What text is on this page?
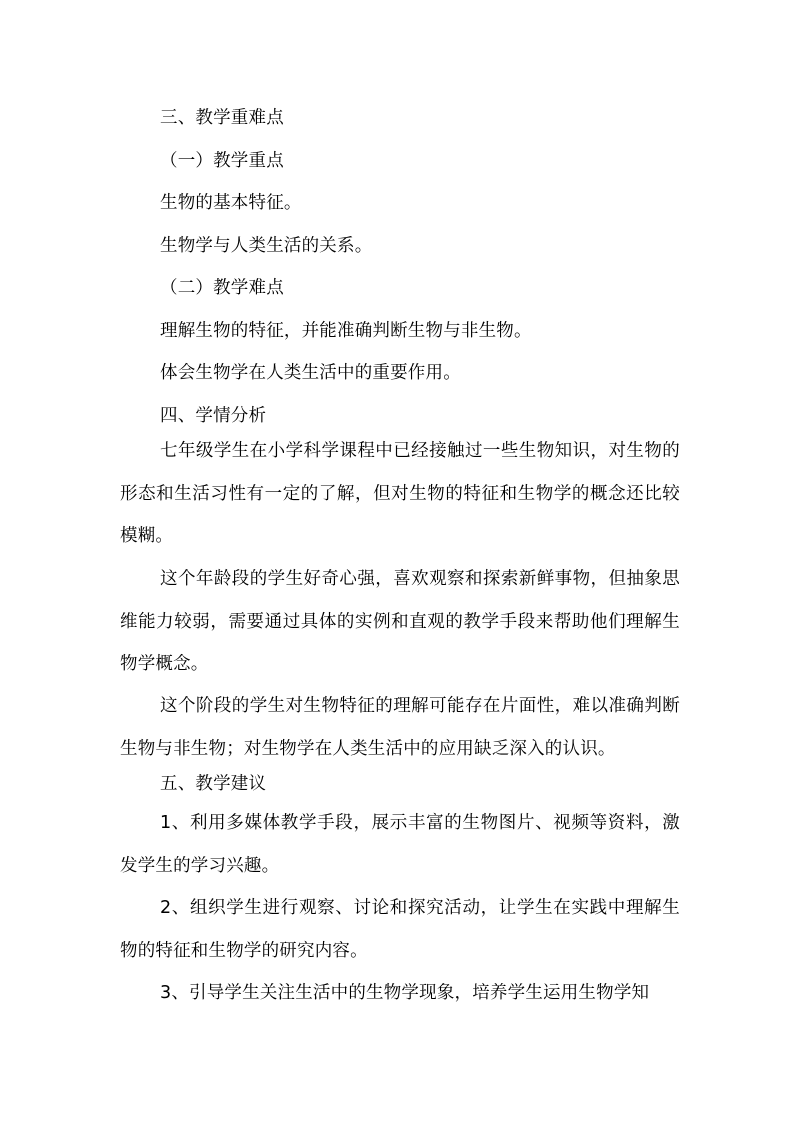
三、教学重难点
（一）教学重点
生物的基本特征。
生物学与人类生活的关系。
（二）教学难点
理解生物的特征，并能准确判断生物与非生物。
体会生物学在人类生活中的重要作用。
四、学情分析
七年级学生在小学科学课程中已经接触过一些生物知识，对生物的形态和生活习性有一定的了解，但对生物的特征和生物学的概念还比较模糊。
这个年龄段的学生好奇心强，喜欢观察和探索新鲜事物，但抽象思维能力较弱，需要通过具体的实例和直观的教学手段来帮助他们理解生物学概念。
这个阶段的学生对生物特征的理解可能存在片面性，难以准确判断生物与非生物；对生物学在人类生活中的应用缺乏深入的认识。
五、教学建议
1、利用多媒体教学手段，展示丰富的生物图片、视频等资料，激发学生的学习兴趣。
2、组织学生进行观察、讨论和探究活动，让学生在实践中理解生物的特征和生物学的研究内容。
3、引导学生关注生活中的生物学现象，培养学生运用生物学知
